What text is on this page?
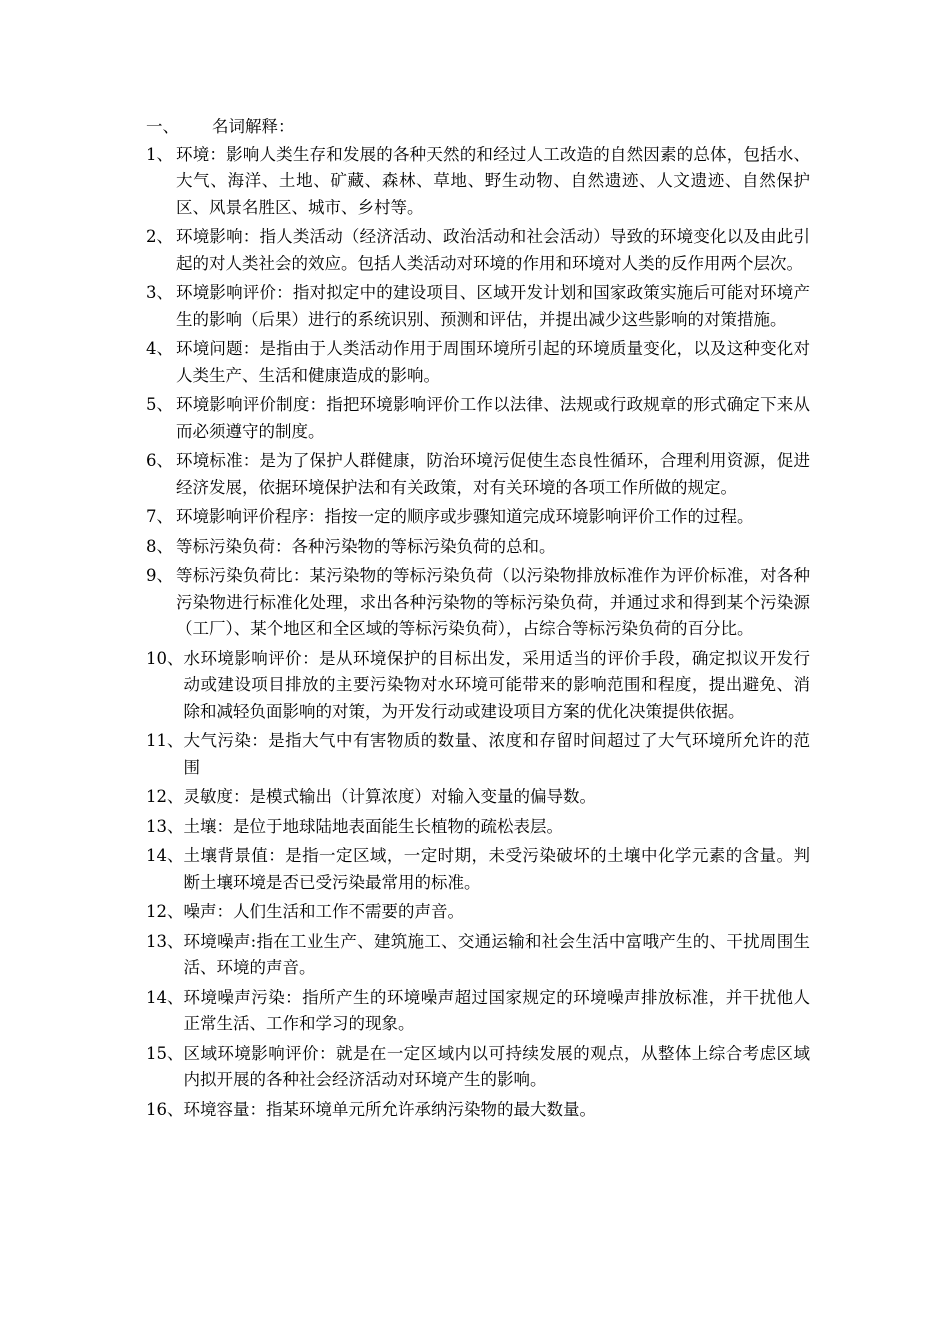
一、	名词解释：
1、 环境：影响人类生存和发展的各种天然的和经过人工改造的自然因素的总体，包括水、大气、海洋、土地、矿藏、森林、草地、野生动物、自然遗迹、人文遗迹、自然保护区、风景名胜区、城市、乡村等。
2、 环境影响：指人类活动（经济活动、政治活动和社会活动）导致的环境变化以及由此引起的对人类社会的效应。包括人类活动对环境的作用和环境对人类的反作用两个层次。
3、 环境影响评价：指对拟定中的建设项目、区域开发计划和国家政策实施后可能对环境产生的影响（后果）进行的系统识别、预测和评估，并提出减少这些影响的对策措施。
4、 环境问题：是指由于人类活动作用于周围环境所引起的环境质量变化，以及这种变化对人类生产、生活和健康造成的影响。
5、 环境影响评价制度：指把环境影响评价工作以法律、法规或行政规章的形式确定下来从而必须遵守的制度。
6、 环境标准：是为了保护人群健康，防治环境污促使生态良性循环，合理利用资源，促进经济发展，依据环境保护法和有关政策，对有关环境的各项工作所做的规定。
7、 环境影响评价程序：指按一定的顺序或步骤知道完成环境影响评价工作的过程。
8、 等标污染负荷：各种污染物的等标污染负荷的总和。
9、 等标污染负荷比：某污染物的等标污染负荷（以污染物排放标准作为评价标准，对各种污染物进行标准化处理，求出各种污染物的等标污染负荷，并通过求和得到某个污染源（工厂）、某个地区和全区域的等标污染负荷），占综合等标污染负荷的百分比。
10、 水环境影响评价：是从环境保护的目标出发，采用适当的评价手段，确定拟议开发行动或建设项目排放的主要污染物对水环境可能带来的影响范围和程度，提出避免、消除和减轻负面影响的对策，为开发行动或建设项目方案的优化决策提供依据。
11、 大气污染：是指大气中有害物质的数量、浓度和存留时间超过了大气环境所允许的范围
12、 灵敏度：是模式输出（计算浓度）对输入变量的偏导数。
13、 土壤：是位于地球陆地表面能生长植物的疏松表层。
14、 土壤背景值：是指一定区域，一定时期，未受污染破坏的土壤中化学元素的含量。判断土壤环境是否已受污染最常用的标准。
12、 噪声：人们生活和工作不需要的声音。
13、 环境噪声:指在工业生产、建筑施工、交通运输和社会生活中富哦产生的、干扰周围生活、环境的声音。
14、 环境噪声污染：指所产生的环境噪声超过国家规定的环境噪声排放标准，并干扰他人正常生活、工作和学习的现象。
15、 区域环境影响评价：就是在一定区域内以可持续发展的观点，从整体上综合考虑区域内拟开展的各种社会经济活动对环境产生的影响。
16、 环境容量：指某环境单元所允许承纳污染物的最大数量。
